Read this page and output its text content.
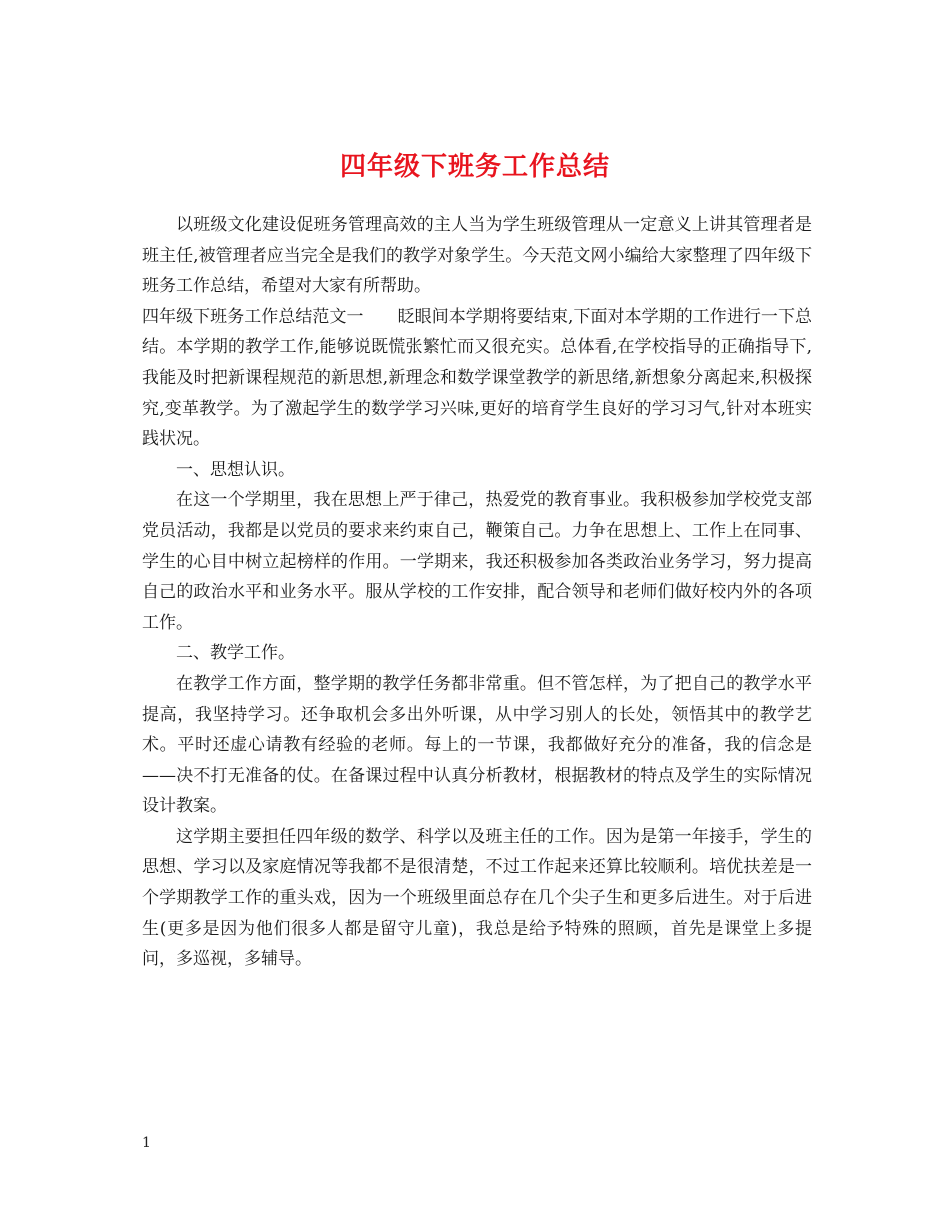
四年级下班务工作总结

以班级文化建设促班务管理高效的主人当为学生班级管理从一定意义上讲其管理者是班主任,被管理者应当完全是我们的教学对象学生。今天范文网小编给大家整理了四年级下班务工作总结，希望对大家有所帮助。

四年级下班务工作总结范文一　　眨眼间本学期将要结束,下面对本学期的工作进行一下总结。本学期的教学工作,能够说既慌张繁忙而又很充实。总体看,在学校指导的正确指导下,我能及时把新课程规范的新思想,新理念和数学课堂教学的新思绪,新想象分离起来,积极探究,变革教学。为了激起学生的数学学习兴味,更好的培育学生良好的学习习气,针对本班实践状况。

一、思想认识。

在这一个学期里，我在思想上严于律己，热爱党的教育事业。我积极参加学校党支部党员活动，我都是以党员的要求来约束自己，鞭策自己。力争在思想上、工作上在同事、学生的心目中树立起榜样的作用。一学期来，我还积极参加各类政治业务学习，努力提高自己的政治水平和业务水平。服从学校的工作安排，配合领导和老师们做好校内外的各项工作。

二、教学工作。

在教学工作方面，整学期的教学任务都非常重。但不管怎样，为了把自己的教学水平提高，我坚持学习。还争取机会多出外听课，从中学习别人的长处，领悟其中的教学艺术。平时还虚心请教有经验的老师。每上的一节课，我都做好充分的准备，我的信念是——决不打无准备的仗。在备课过程中认真分析教材，根据教材的特点及学生的实际情况设计教案。

这学期主要担任四年级的数学、科学以及班主任的工作。因为是第一年接手，学生的思想、学习以及家庭情况等我都不是很清楚，不过工作起来还算比较顺利。培优扶差是一个学期教学工作的重头戏，因为一个班级里面总存在几个尖子生和更多后进生。对于后进生(更多是因为他们很多人都是留守儿童)，我总是给予特殊的照顾，首先是课堂上多提问，多巡视，多辅导。

1
